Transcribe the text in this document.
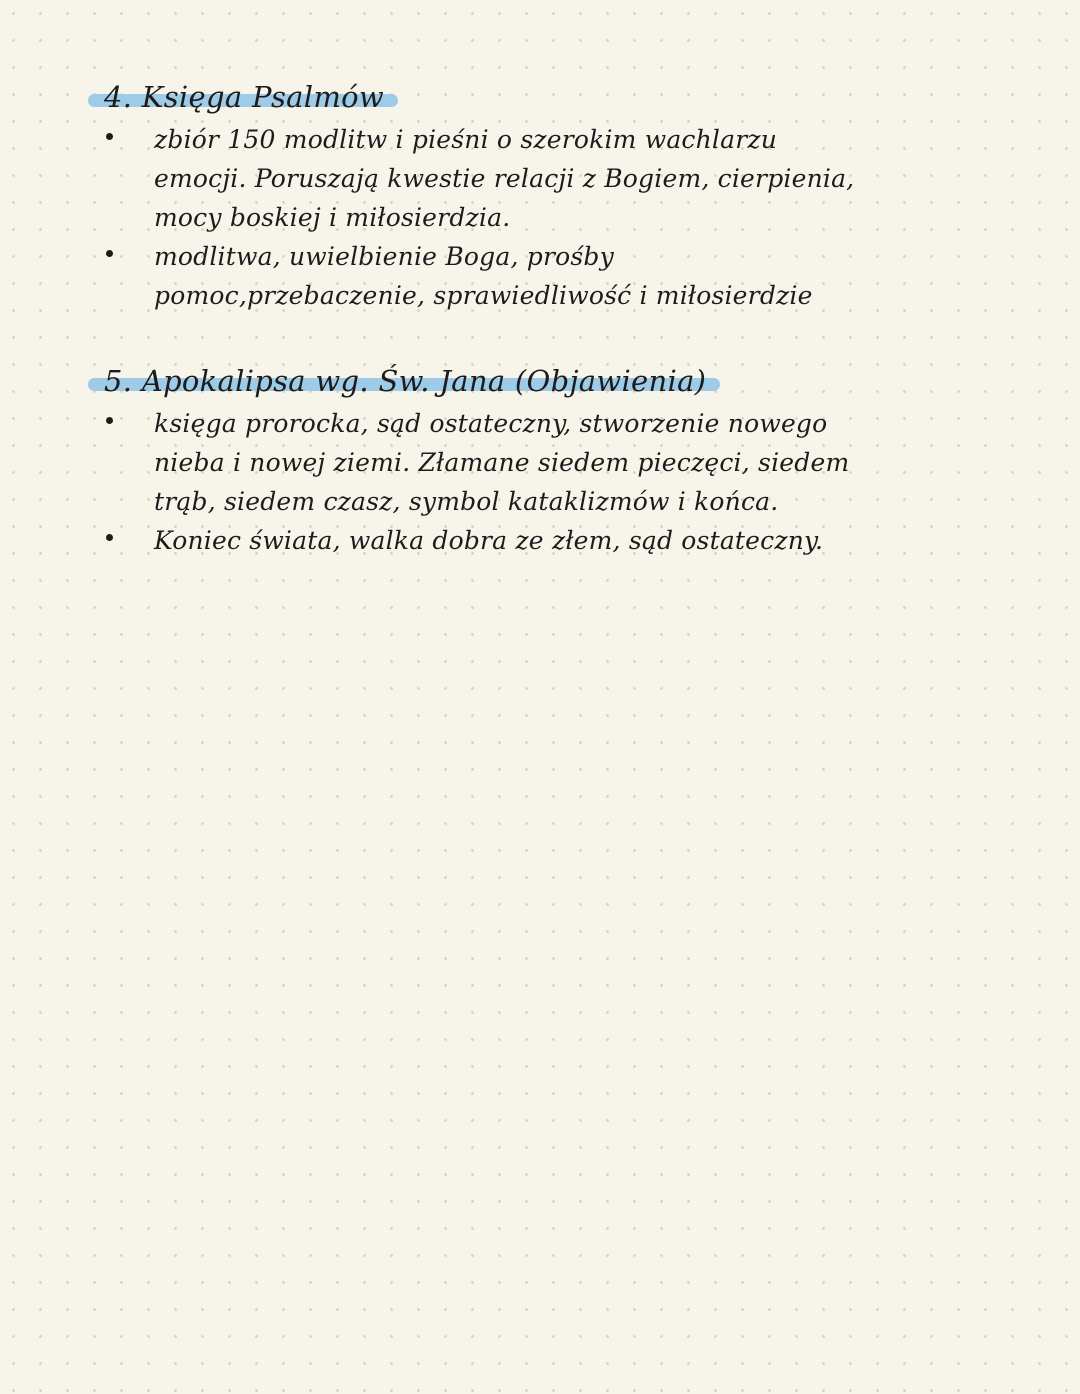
4. Księga Psalmów
zbiór 150 modlitw i pieśni o szerokim wachlarzu
emocji. Poruszają kwestie relacji z Bogiem, cierpienia,
mocy boskiej i miłosierdzia.
modlitwa, uwielbienie Boga, prośby
pomoc,przebaczenie, sprawiedliwość i miłosierdzie
5. Apokalipsa wg. Św. Jana (Objawienia)
księga prorocka, sąd ostateczny, stworzenie nowego
nieba i nowej ziemi. Złamane siedem pieczęci, siedem
trąb, siedem czasz, symbol kataklizmów i końca.
Koniec świata, walka dobra ze złem, sąd ostateczny.
